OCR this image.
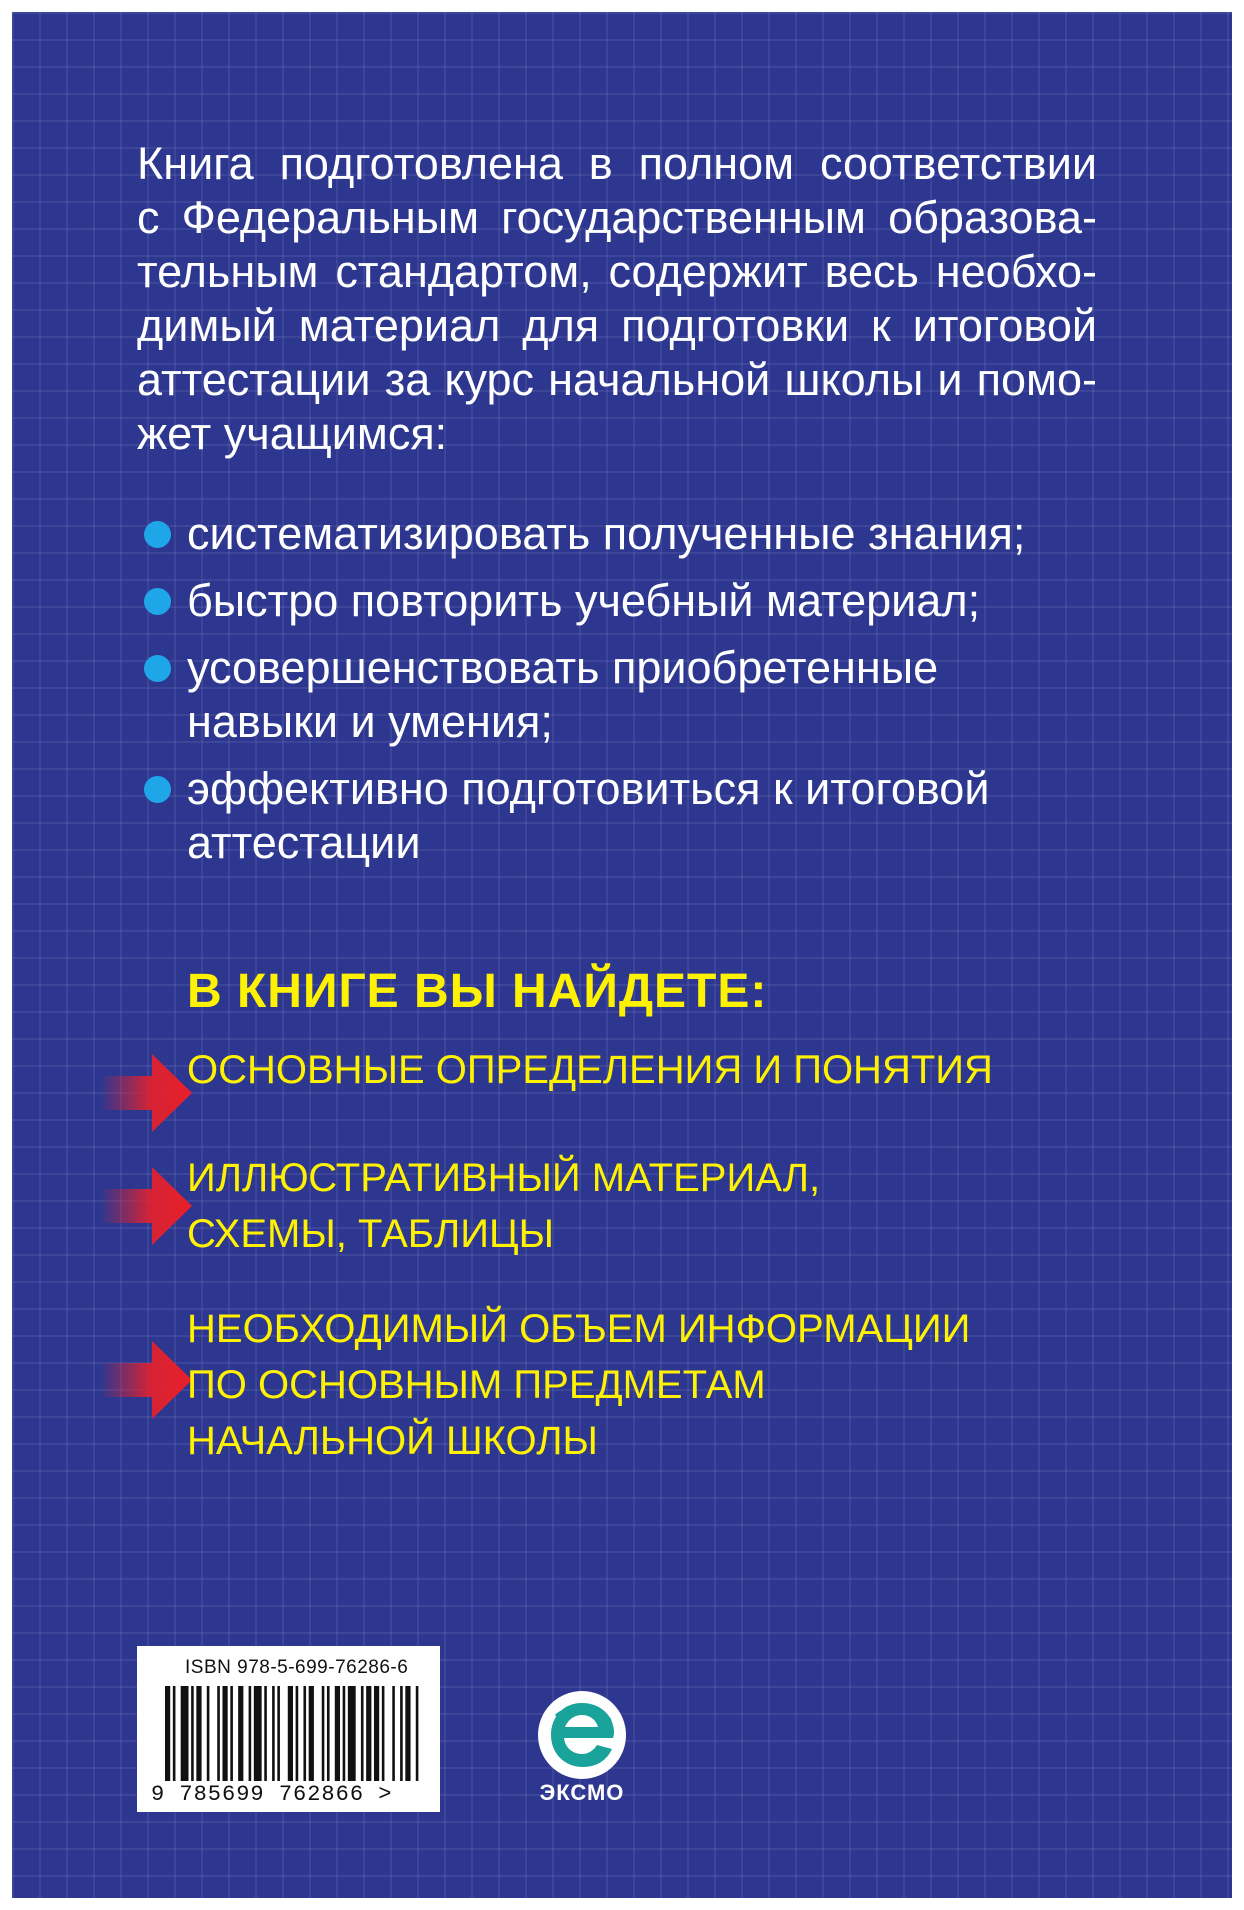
Книга подготовлена в полном соответствии
с Федеральным государственным образова-
тельным стандартом, содержит весь необхо-
димый материал для подготовки к итоговой
аттестации за курс начальной школы и помо-
жет учащимся:

систематизировать полученные знания;
быстро повторить учебный материал;
усовершенствовать приобретенные
навыки и умения;
эффективно подготовиться к итоговой
аттестации
В КНИГЕ ВЫ НАЙДЕТЕ:
ОСНОВНЫЕ ОПРЕДЕЛЕНИЯ И ПОНЯТИЯ
ИЛЛЮСТРАТИВНЫЙ МАТЕРИАЛ,
СХЕМЫ, ТАБЛИЦЫ
НЕОБХОДИМЫЙ ОБЪЕМ ИНФОРМАЦИИ
ПО ОСНОВНЫМ ПРЕДМЕТАМ
НАЧАЛЬНОЙ ШКОЛЫ
ISBN 978-5-699-76286-6
9 785699 762866 >	ЭКСМО
